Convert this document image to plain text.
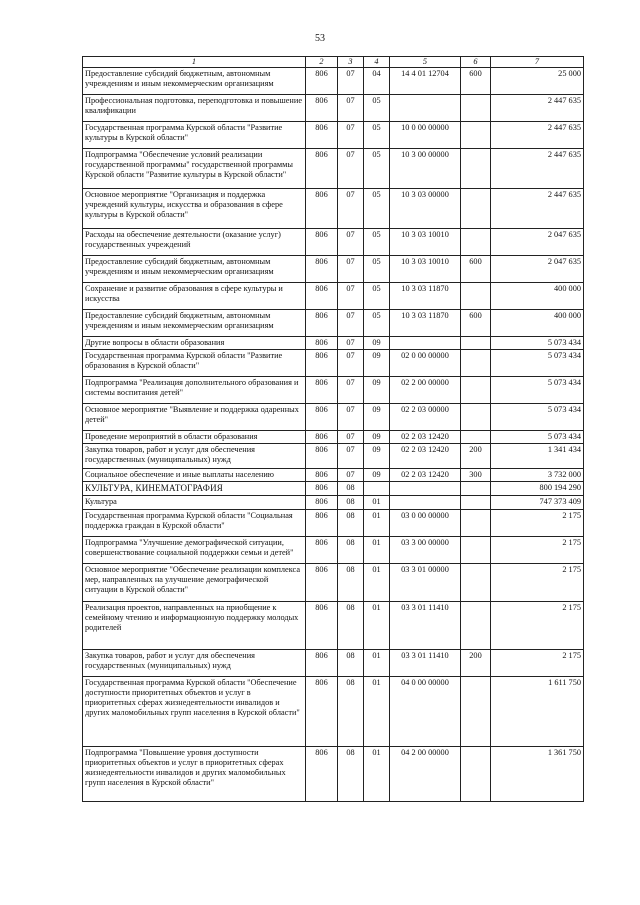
53
1	2	3	4	5	6	7
Предоставление субсидий бюджетным, автономным учреждениям и иным некоммерческим организациям	806	07	04	14 4 01 12704	600	25 000
Профессиональная подготовка, переподготовка и повышение квалификации	806	07	05			2 447 635
Государственная программа Курской области "Развитие культуры в Курской области"	806	07	05	10 0 00 00000		2 447 635
Подпрограмма "Обеспечение условий реализации государственной программы" государственной программы Курской области "Развитие культуры в Курской области"	806	07	05	10 3 00 00000		2 447 635
Основное мероприятие "Организация и поддержка учреждений культуры, искусства и образования в сфере культуры в Курской области"	806	07	05	10 3 03 00000		2 447 635
Расходы на обеспечение деятельности (оказание услуг) государственных учреждений	806	07	05	10 3 03 10010		2 047 635
Предоставление субсидий бюджетным, автономным учреждениям и иным некоммерческим организациям	806	07	05	10 3 03 10010	600	2 047 635
Сохранение и развитие образования в сфере культуры и искусства	806	07	05	10 3 03 11870		400 000
Предоставление субсидий бюджетным, автономным учреждениям и иным некоммерческим организациям	806	07	05	10 3 03 11870	600	400 000
Другие вопросы в области образования	806	07	09			5 073 434
Государственная программа Курской области "Развитие образования в Курской области"	806	07	09	02 0 00 00000		5 073 434
Подпрограмма "Реализация дополнительного образования и системы воспитания детей"	806	07	09	02 2 00 00000		5 073 434
Основное мероприятие "Выявление и поддержка одаренных детей"	806	07	09	02 2 03 00000		5 073 434
Проведение мероприятий в области образования	806	07	09	02 2 03 12420		5 073 434
Закупка товаров, работ и услуг для обеспечения государственных (муниципальных) нужд	806	07	09	02 2 03 12420	200	1 341 434
Социальное обеспечение и иные выплаты населению	806	07	09	02 2 03 12420	300	3 732 000
КУЛЬТУРА, КИНЕМАТОГРАФИЯ	806	08				800 194 290
Культура	806	08	01			747 373 409
Государственная программа Курской области "Социальная поддержка граждан в Курской области"	806	08	01	03 0 00 00000		2 175
Подпрограмма "Улучшение демографической ситуации, совершенствование социальной поддержки семьи и детей"	806	08	01	03 3 00 00000		2 175
Основное мероприятие "Обеспечение реализации комплекса мер, направленных на улучшение демографической ситуации в Курской области"	806	08	01	03 3 01 00000		2 175
Реализация проектов, направленных на приобщение к семейному чтению и информационную поддержку молодых родителей	806	08	01	03 3 01 11410		2 175
Закупка товаров, работ и услуг для обеспечения государственных (муниципальных) нужд	806	08	01	03 3 01 11410	200	2 175
Государственная программа Курской области "Обеспечение доступности приоритетных объектов и услуг в приоритетных сферах жизнедеятельности инвалидов и других маломобильных групп населения в Курской области"	806	08	01	04 0 00 00000		1 611 750
Подпрограмма "Повышение уровня доступности приоритетных объектов и услуг в приоритетных сферах жизнедеятельности инвалидов и других маломобильных групп населения в Курской области"	806	08	01	04 2 00 00000		1 361 750
